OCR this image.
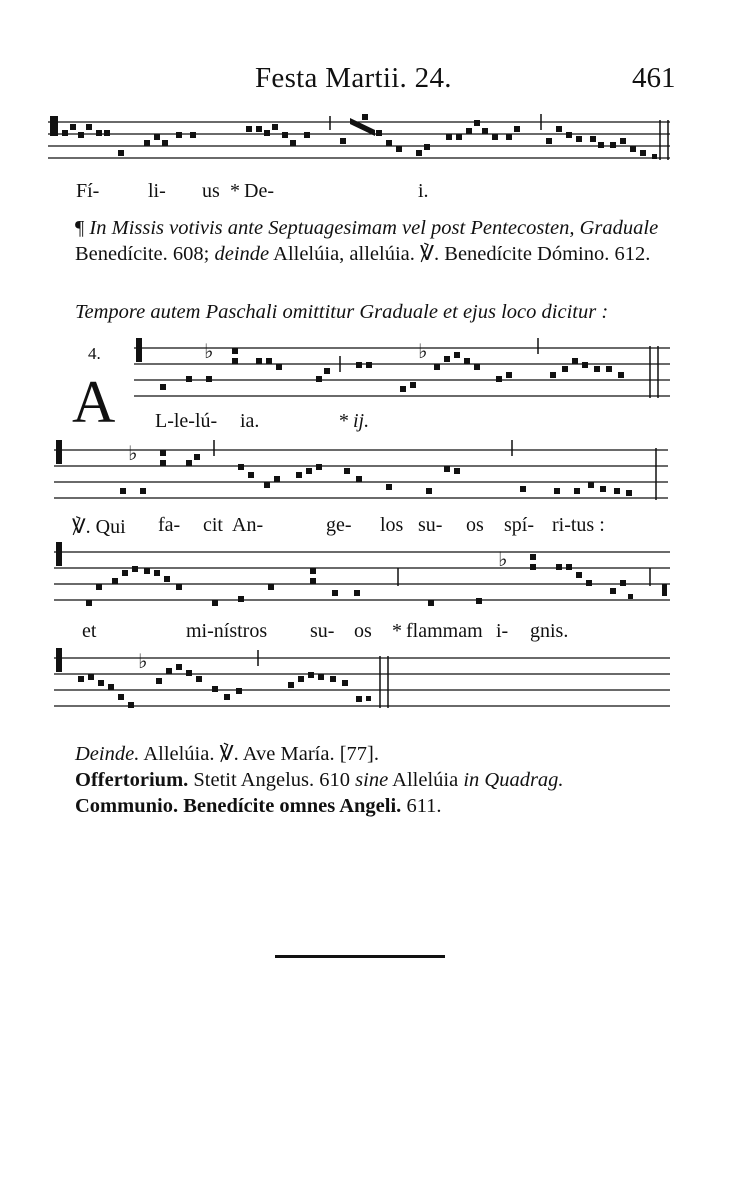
Festa Martii. 24.	461
Fí- li- us * De-	i.
¶ In Missis votivis ante Septuagesimam vel post Pentecosten, Graduale Benedícite. 608; deinde Allelúia, allelúia. ℣. Benedícite Dómino. 612.
Tempore autem Paschali omittitur Graduale et ejus loco dicitur :
4.
A
♭	♭
L-le-lú- ia.	* ij.
♭
℣. Qui fa- cit An-	ge- los su- os spí- ri-tus :
♭
et	mi-nístros su- os * flammam i- gnis.
♭
Deinde. Allelúia. ℣. Ave María. [77].
Offertorium. Stetit Angelus. 610 sine Allelúia in Quadrag.
Communio. Benedícite omnes Angeli. 611.
